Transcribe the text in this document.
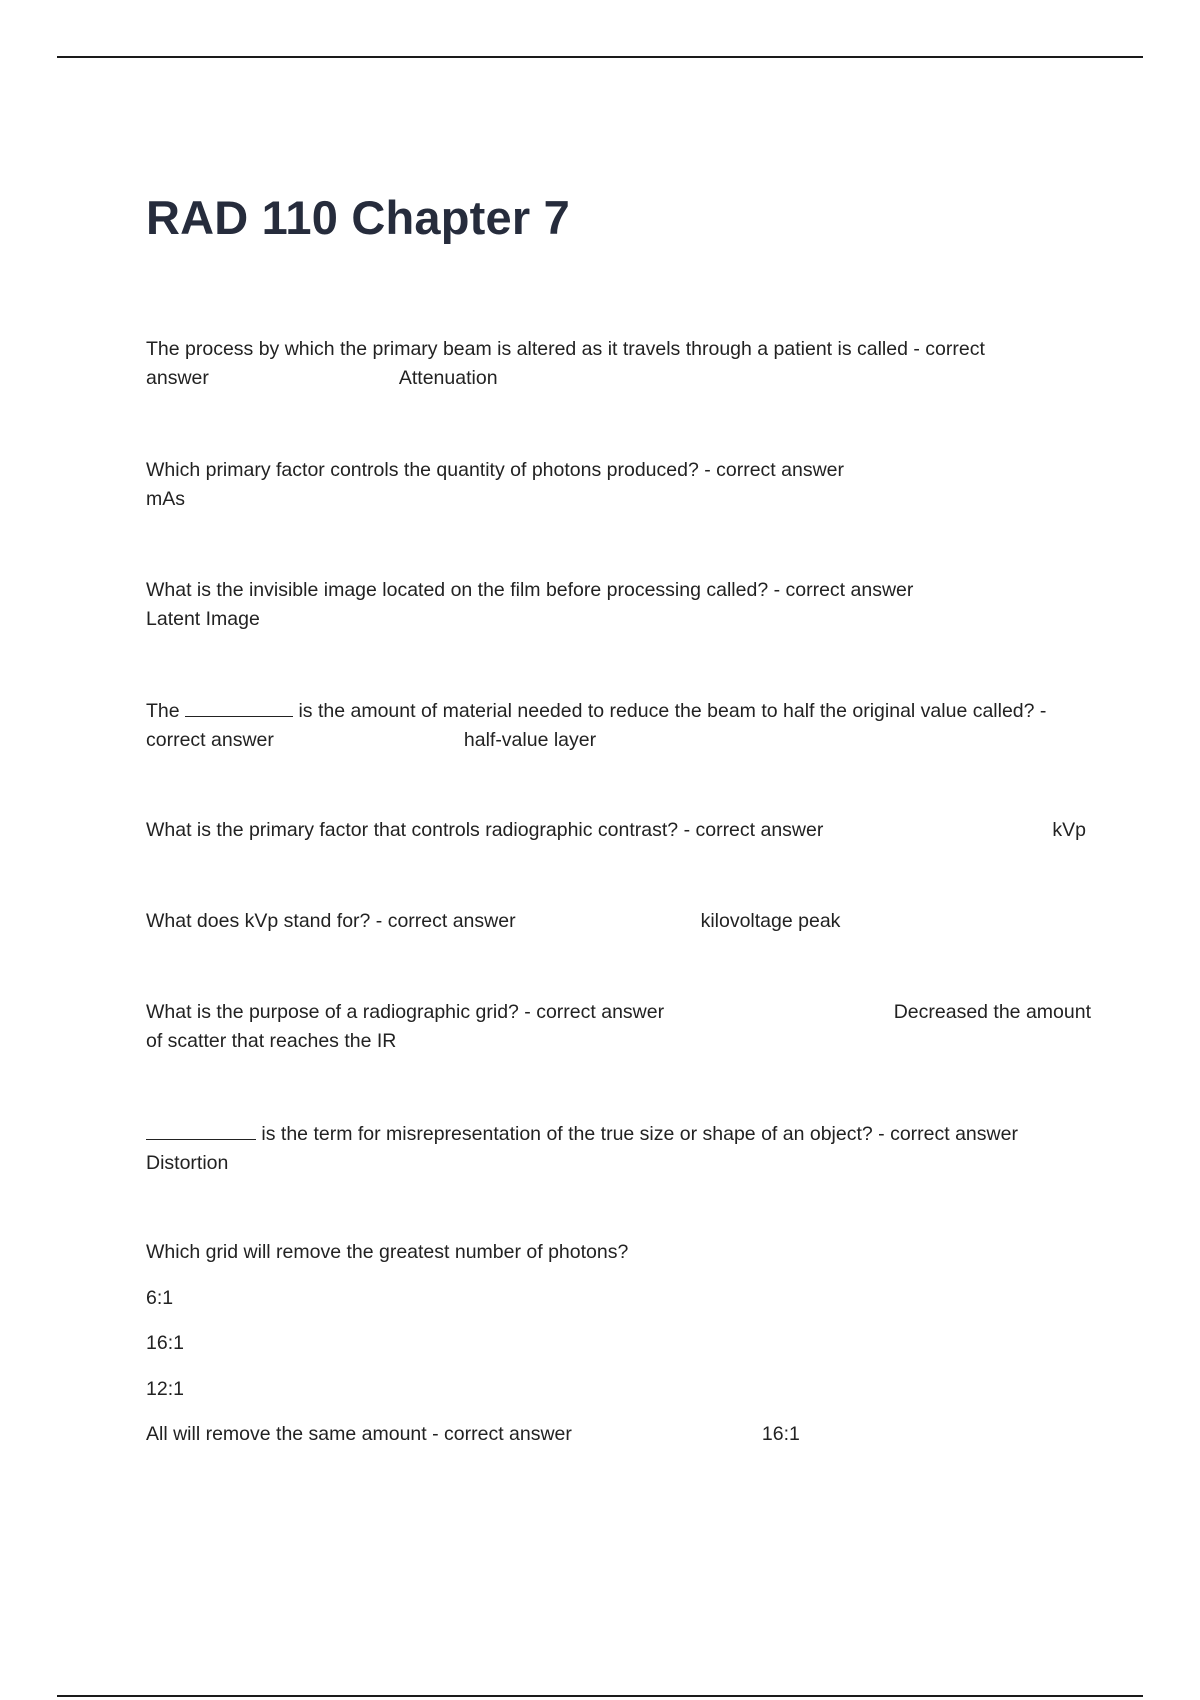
RAD 110 Chapter 7
The process by which the primary beam is altered as it travels through a patient is called - correct
answer	Attenuation
Which primary factor controls the quantity of photons produced? - correct answer
mAs
What is the invisible image located on the film before processing called? - correct answer
Latent Image
The	is the amount of material needed to reduce the beam to half the original value called? -
correct answer	half-value layer
What is the primary factor that controls radiographic contrast? - correct answer	kVp
What does kVp stand for? - correct answer	kilovoltage peak
What is the purpose of a radiographic grid? - correct answer	Decreased the amount
of scatter that reaches the IR
is the term for misrepresentation of the true size or shape of an object? - correct answer
Distortion
Which grid will remove the greatest number of photons?
6:1
16:1
12:1
All will remove the same amount - correct answer	16:1
